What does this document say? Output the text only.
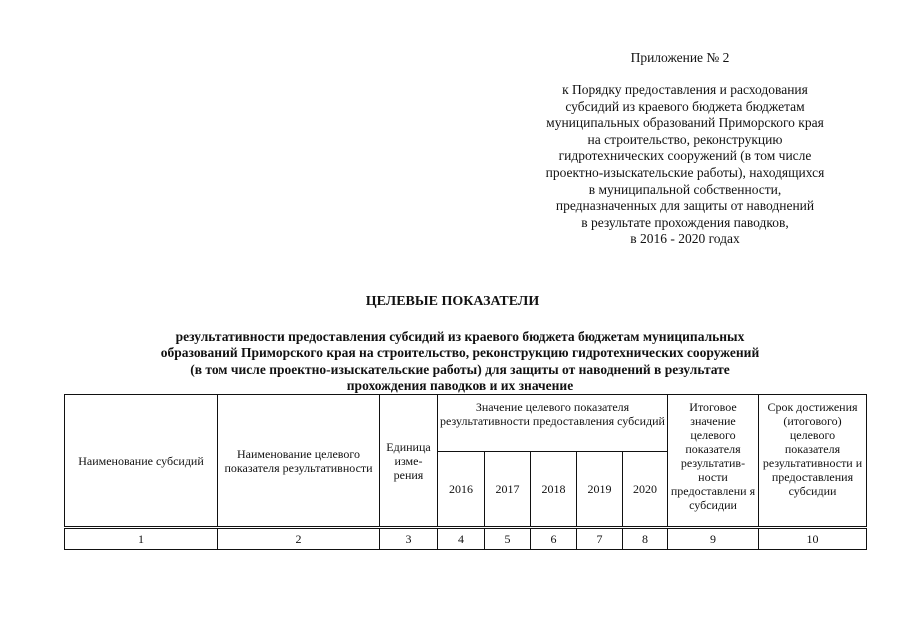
Приложение № 2
к Порядку предоставления и расходования
субсидий из краевого бюджета бюджетам
муниципальных образований Приморского края
на строительство, реконструкцию
гидротехнических сооружений (в том числе
проектно-изыскательские работы), находящихся
в муниципальной собственности,
предназначенных для защиты от наводнений
в результате прохождения паводков,
в 2016 - 2020 годах
ЦЕЛЕВЫЕ ПОКАЗАТЕЛИ
результативности предоставления субсидий из краевого бюджета бюджетам муниципальных
образований Приморского края на строительство, реконструкцию гидротехнических сооружений
(в том числе проектно-изыскательские работы) для защиты от наводнений в результате
прохождения паводков и их значение
Наименование субсидий	Наименование целевого показателя результативности	Единица изме-рения	Значение целевого показателя результативности предоставления субсидий					Итоговое значение целевого показателя результатив-ности предоставлени я субсидии	Срок достижения (итогового) целевого показателя результативности и предоставления субсидии
			2016	2017	2018	2019	2020		
1	2	3	4	5	6	7	8	9	10
